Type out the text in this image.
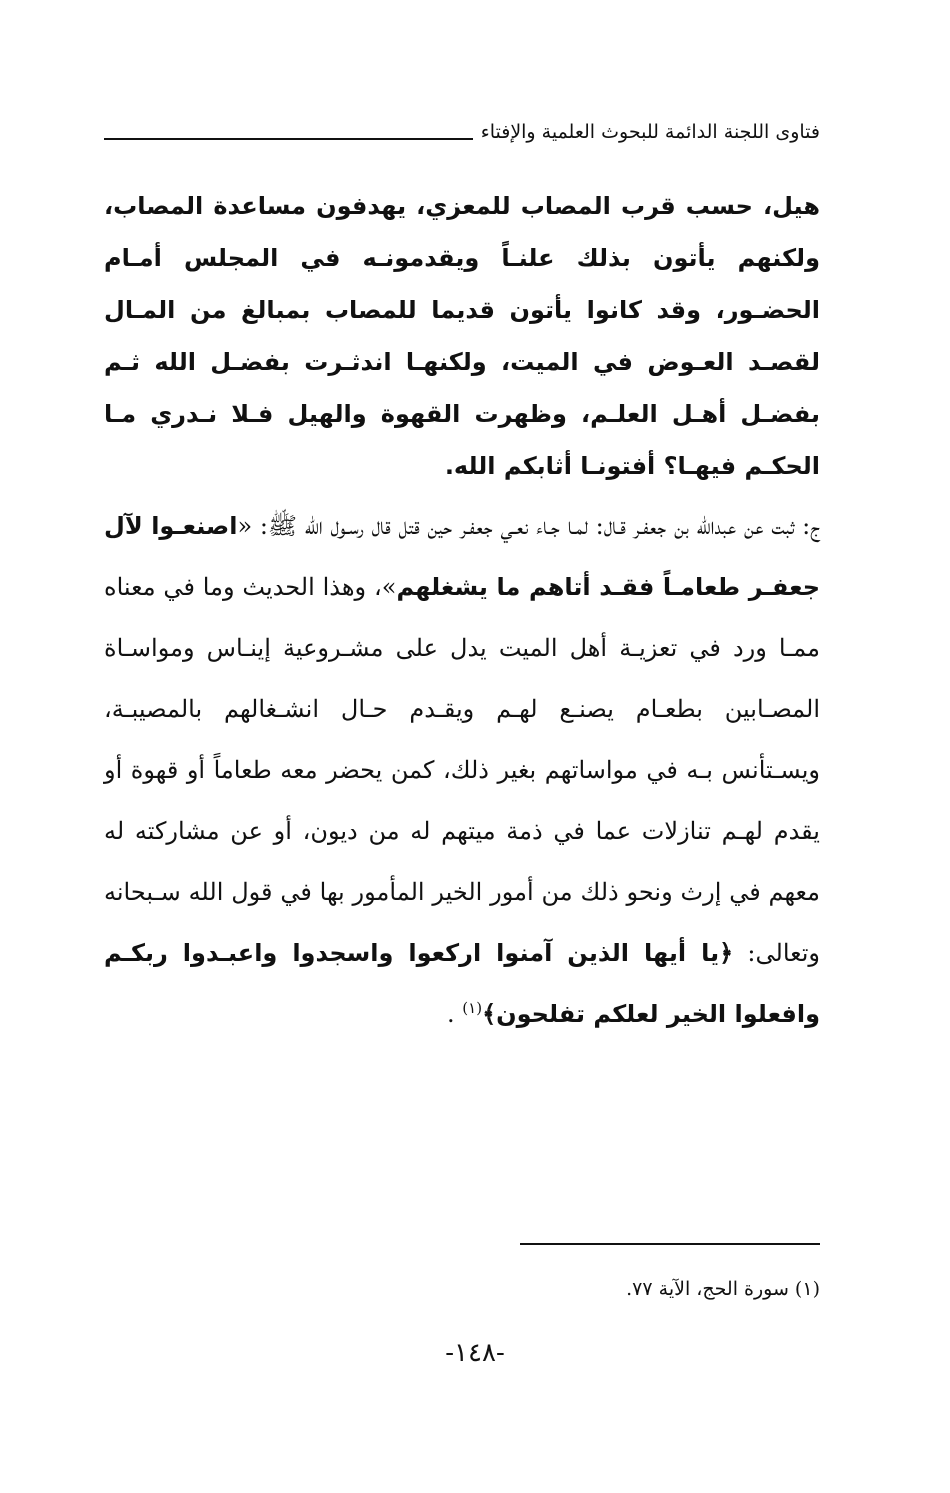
فتاوى اللجنة الدائمة للبحوث العلمية والإفتاء
هيل، حسب قرب المصاب للمعزي، يهدفون مساعدة المصاب، ولكنهم يأتون بذلك علنـاً ويقدمونـه في المجلس أمـام الحضـور، وقد كانوا يأتون قديما للمصاب بمبالغ من المـال لقصـد العـوض في الميت، ولكنهـا اندثـرت بفضـل الله ثـم بفضـل أهـل العلـم، وظهرت القهوة والهيل فـلا نـدري مـا الحكـم فيهـا؟ أفتونـا أثابكم الله.
ج: ثبت عن عبدالله بن جعفـر قـال: لمـا جـاء نعـي جعفـر حين قتل قال رسـول الله ﷺ: «اصنعـوا لآل جعفـر طعامـاً فقـد أتاهم ما يشغلهم»، وهذا الحديث وما في معناه ممـا ورد في تعزيـة أهل الميت يدل على مشـروعية إينـاس ومواسـاة المصـابين بطعـام يصنـع لهـم ويقـدم حـال انشـغالهم بالمصيبـة، ويسـتأنس بـه في مواساتهم بغير ذلك، كمن يحضر معه طعاماً أو قهوة أو يقدم لهـم تنازلات عما في ذمة ميتهم له من ديون، أو عن مشاركته له معهم في إرث ونحو ذلك من أمور الخير المأمور بها في قول الله سـبحانه وتعالى: ﴿يا أيها الذين آمنوا اركعوا واسجدوا واعبـدوا ربكـم وافعلوا الخير لعلكم تفلحون﴾$^{(١)}$ .
(١) سورة الحج، الآية ٧٧.
-١٤٨-
